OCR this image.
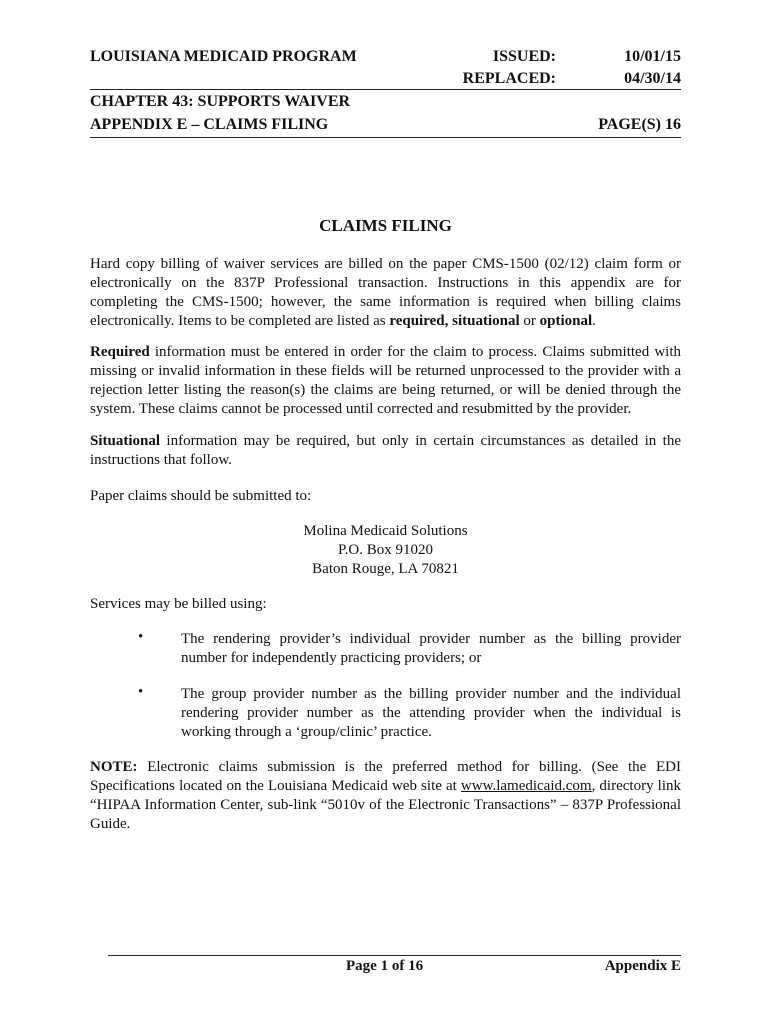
LOUISIANA MEDICAID PROGRAM	ISSUED:	10/01/15
REPLACED:	04/30/14
CHAPTER 43: SUPPORTS WAIVER
APPENDIX E – CLAIMS FILING	PAGE(S) 16
CLAIMS FILING
Hard copy billing of waiver services are billed on the paper CMS-1500 (02/12) claim form or electronically on the 837P Professional transaction. Instructions in this appendix are for completing the CMS-1500; however, the same information is required when billing claims electronically. Items to be completed are listed as required, situational or optional.
Required information must be entered in order for the claim to process. Claims submitted with missing or invalid information in these fields will be returned unprocessed to the provider with a rejection letter listing the reason(s) the claims are being returned, or will be denied through the system. These claims cannot be processed until corrected and resubmitted by the provider.
Situational information may be required, but only in certain circumstances as detailed in the instructions that follow.
Paper claims should be submitted to:
Molina Medicaid Solutions
P.O. Box 91020
Baton Rouge, LA 70821
Services may be billed using:
•	The rendering provider’s individual provider number as the billing provider number for independently practicing providers; or
•	The group provider number as the billing provider number and the individual rendering provider number as the attending provider when the individual is working through a ‘group/clinic’ practice.
NOTE: Electronic claims submission is the preferred method for billing. (See the EDI Specifications located on the Louisiana Medicaid web site at www.lamedicaid.com, directory link “HIPAA Information Center, sub-link “5010v of the Electronic Transactions” – 837P Professional Guide.
Page 1 of 16	Appendix E
